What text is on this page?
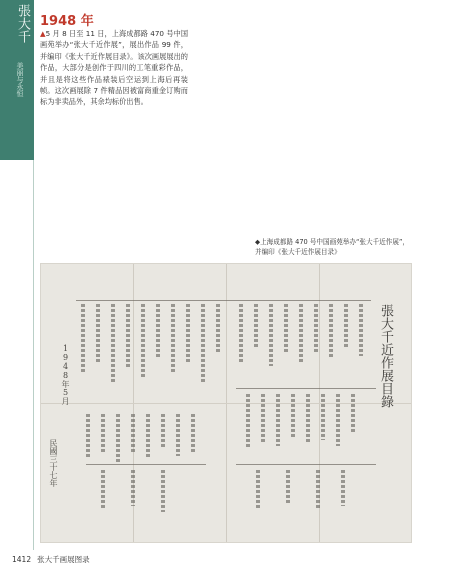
張大千
美丽与永恒
1948 年
▲5 月 8 日至 11 日，上海成都路 470 号中国画苑举办“张大千近作展”，展出作品 99 件，并编印《张大千近作展目录》。该次画展展出的作品，大部分是创作于四川的工笔重彩作品，并且是将这些作品裱装后空运到上海后再装帧。这次画展除 7 件精品因被富商重金订购而标为非卖品外，其余均标价出售。
◆上海成都路 470 号中国画苑举办“张大千近作展”，
并编印《张大千近作展目录》
張大千近作展目錄
1948年5月
民國三十七年
1412 张大千画展图录
